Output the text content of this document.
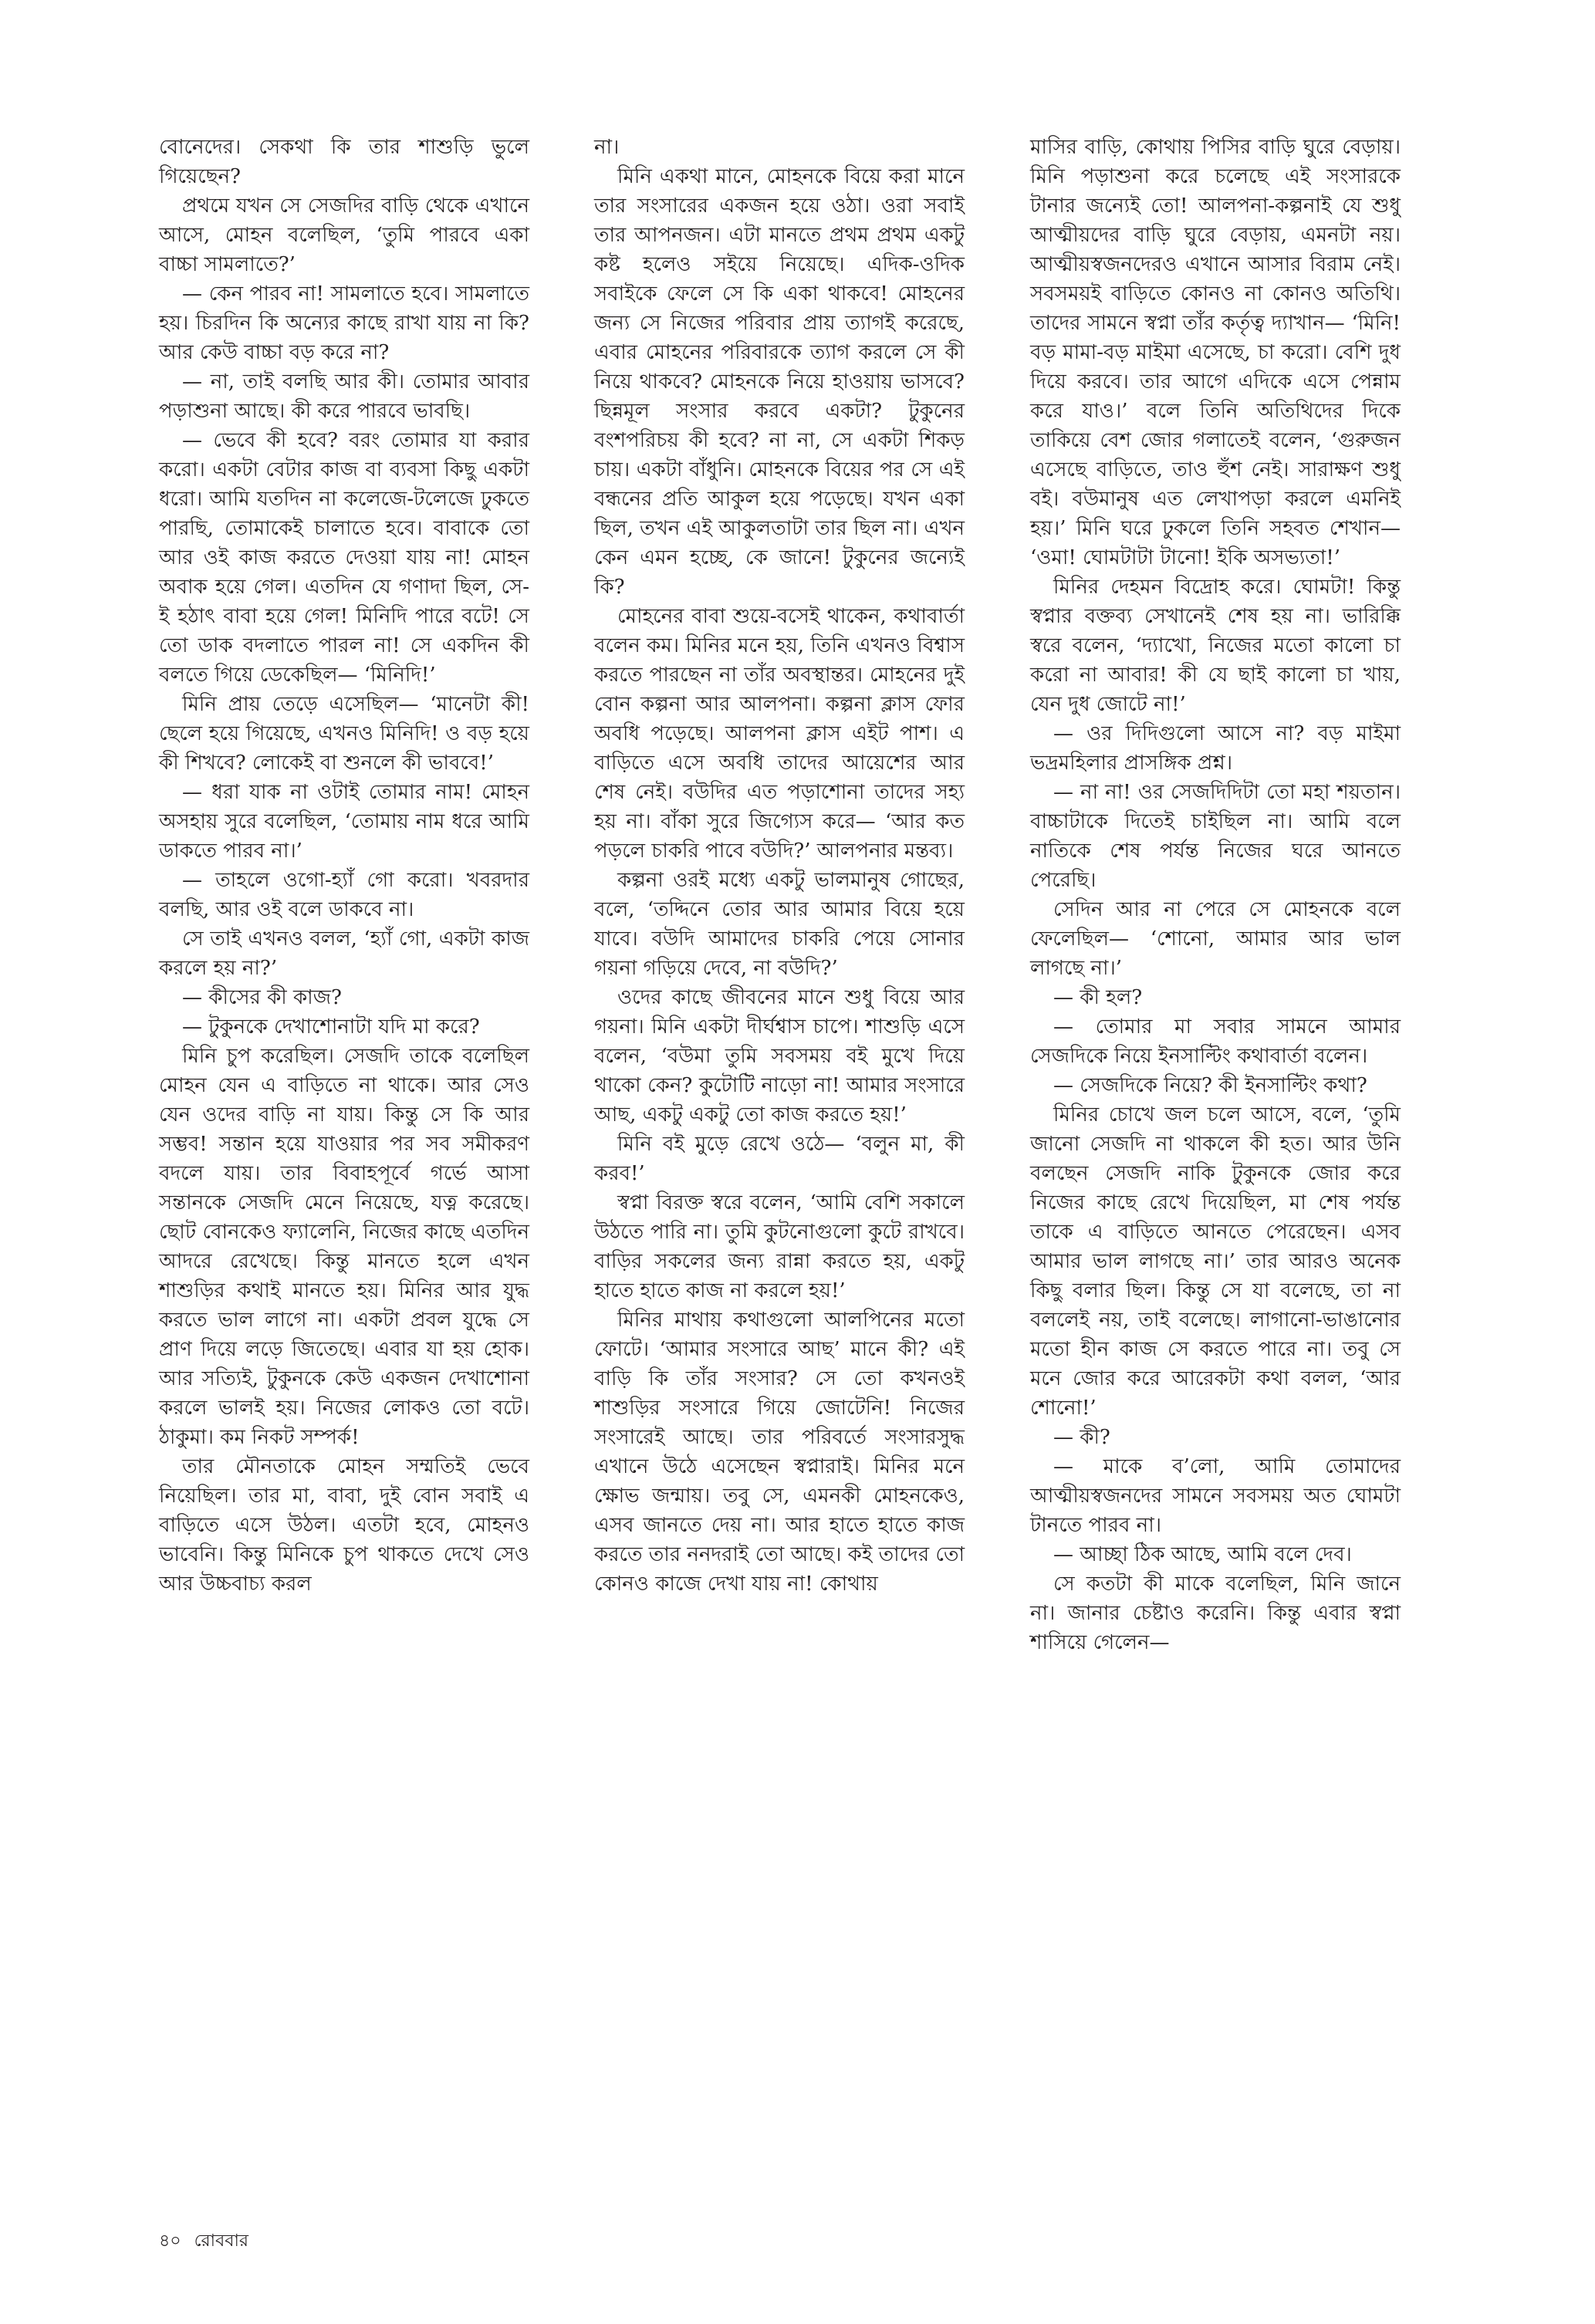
বোনেদের। সেকথা কি তার শাশুড়ি ভুলে গিয়েছেন?

প্রথমে যখন সে সেজদির বাড়ি থেকে এখানে আসে, মোহন বলেছিল, ‘তুমি পারবে একা বাচ্চা সামলাতে?’

— কেন পারব না! সামলাতে হবে। সামলাতে হয়। চিরদিন কি অন্যের কাছে রাখা যায় না কি? আর কেউ বাচ্চা বড় করে না?

— না, তাই বলছি আর কী। তোমার আবার পড়াশুনা আছে। কী করে পারবে ভাবছি।

— ভেবে কী হবে? বরং তোমার যা করার করো। একটা বেটার কাজ বা ব্যবসা কিছু একটা ধরো। আমি যতদিন না কলেজে-টলেজে ঢুকতে পারছি, তোমাকেই চালাতে হবে। বাবাকে তো আর ওই কাজ করতে দেওয়া যায় না! মোহন অবাক হয়ে গেল। এতদিন যে গণাদা ছিল, সে-ই হঠাৎ বাবা হয়ে গেল! মিনিদি পারে বটে! সে তো ডাক বদলাতে পারল না! সে একদিন কী বলতে গিয়ে ডেকেছিল— ‘মিনিদি!’

মিনি প্রায় তেড়ে এসেছিল— ‘মানেটা কী! ছেলে হয়ে গিয়েছে, এখনও মিনিদি! ও বড় হয়ে কী শিখবে? লোকেই বা শুনলে কী ভাববে!’

— ধরা যাক না ওটাই তোমার নাম! মোহন অসহায় সুরে বলেছিল, ‘তোমায় নাম ধরে আমি ডাকতে পারব না।’

— তাহলে ওগো-হ্যাঁ গো করো। খবরদার বলছি, আর ওই বলে ডাকবে না।

সে তাই এখনও বলল, ‘হ্যাঁ গো, একটা কাজ করলে হয় না?’

— কীসের কী কাজ?

— টুকুনকে দেখাশোনাটা যদি মা করে?

মিনি চুপ করেছিল। সেজদি তাকে বলেছিল মোহন যেন এ বাড়িতে না থাকে। আর সেও যেন ওদের বাড়ি না যায়। কিন্তু সে কি আর সম্ভব! সন্তান হয়ে যাওয়ার পর সব সমীকরণ বদলে যায়। তার বিবাহপূর্বে গর্ভে আসা সন্তানকে সেজদি মেনে নিয়েছে, যত্ন করেছে। ছোট বোনকেও ফ্যালেনি, নিজের কাছে এতদিন আদরে রেখেছে। কিন্তু মানতে হলে এখন শাশুড়ির কথাই মানতে হয়। মিনির আর যুদ্ধ করতে ভাল লাগে না। একটা প্রবল যুদ্ধে সে প্রাণ দিয়ে লড়ে জিতেছে। এবার যা হয় হোক। আর সত্যিই, টুকুনকে কেউ একজন দেখাশোনা করলে ভালই হয়। নিজের লোকও তো বটে। ঠাকুমা। কম নিকট সম্পর্ক!

তার মৌনতাকে মোহন সম্মতিই ভেবে নিয়েছিল। তার মা, বাবা, দুই বোন সবাই এ বাড়িতে এসে উঠল। এতটা হবে, মোহনও ভাবেনি। কিন্তু মিনিকে চুপ থাকতে দেখে সেও আর উচ্চবাচ্য করল

না।

মিনি একথা মানে, মোহনকে বিয়ে করা মানে তার সংসারের একজন হয়ে ওঠা। ওরা সবাই তার আপনজন। এটা মানতে প্রথম প্রথম একটু কষ্ট হলেও সইয়ে নিয়েছে। এদিক-ওদিক সবাইকে ফেলে সে কি একা থাকবে! মোহনের জন্য সে নিজের পরিবার প্রায় ত্যাগই করেছে, এবার মোহনের পরিবারকে ত্যাগ করলে সে কী নিয়ে থাকবে? মোহনকে নিয়ে হাওয়ায় ভাসবে? ছিন্নমূল সংসার করবে একটা? টুকুনের বংশপরিচয় কী হবে? না না, সে একটা শিকড় চায়। একটা বাঁধুনি। মোহনকে বিয়ের পর সে এই বন্ধনের প্রতি আকুল হয়ে পড়েছে। যখন একা ছিল, তখন এই আকুলতাটা তার ছিল না। এখন কেন এমন হচ্ছে, কে জানে! টুকুনের জন্যেই কি?

মোহনের বাবা শুয়ে-বসেই থাকেন, কথাবার্তা বলেন কম। মিনির মনে হয়, তিনি এখনও বিশ্বাস করতে পারছেন না তাঁর অবস্থান্তর। মোহনের দুই বোন কল্পনা আর আলপনা। কল্পনা ক্লাস ফোর অবধি পড়েছে। আলপনা ক্লাস এইট পাশ। এ বাড়িতে এসে অবধি তাদের আয়েশের আর শেষ নেই। বউদির এত পড়াশোনা তাদের সহ্য হয় না। বাঁকা সুরে জিগ্যেস করে— ‘আর কত পড়লে চাকরি পাবে বউদি?’ আলপনার মন্তব্য।

কল্পনা ওরই মধ্যে একটু ভালমানুষ গোছের, বলে, ‘তদ্দিনে তোর আর আমার বিয়ে হয়ে যাবে। বউদি আমাদের চাকরি পেয়ে সোনার গয়না গড়িয়ে দেবে, না বউদি?’

ওদের কাছে জীবনের মানে শুধু বিয়ে আর গয়না। মিনি একটা দীর্ঘশ্বাস চাপে। শাশুড়ি এসে বলেন, ‘বউমা তুমি সবসময় বই মুখে দিয়ে থাকো কেন? কুটোটি নাড়ো না! আমার সংসারে আছ, একটু একটু তো কাজ করতে হয়!’

মিনি বই মুড়ে রেখে ওঠে— ‘বলুন মা, কী করব!’

স্বপ্না বিরক্ত স্বরে বলেন, ‘আমি বেশি সকালে উঠতে পারি না। তুমি কুটনোগুলো কুটে রাখবে। বাড়ির সকলের জন্য রান্না করতে হয়, একটু হাতে হাতে কাজ না করলে হয়!’

মিনির মাথায় কথাগুলো আলপিনের মতো ফোটে। ‘আমার সংসারে আছ’ মানে কী? এই বাড়ি কি তাঁর সংসার? সে তো কখনওই শাশুড়ির সংসারে গিয়ে জোটেনি! নিজের সংসারেই আছে। তার পরিবর্তে সংসারসুদ্ধ এখানে উঠে এসেছেন স্বপ্নারাই। মিনির মনে ক্ষোভ জন্মায়। তবু সে, এমনকী মোহনকেও, এসব জানতে দেয় না। আর হাতে হাতে কাজ করতে তার ননদরাই তো আছে। কই তাদের তো কোনও কাজে দেখা যায় না! কোথায়

মাসির বাড়ি, কোথায় পিসির বাড়ি ঘুরে বেড়ায়। মিনি পড়াশুনা করে চলেছে এই সংসারকে টানার জন্যেই তো! আলপনা-কল্পনাই যে শুধু আত্মীয়দের বাড়ি ঘুরে বেড়ায়, এমনটা নয়। আত্মীয়স্বজনদেরও এখানে আসার বিরাম নেই। সবসময়ই বাড়িতে কোনও না কোনও অতিথি। তাদের সামনে স্বপ্না তাঁর কর্তৃত্ব দ্যাখান— ‘মিনি! বড় মামা-বড় মাইমা এসেছে, চা করো। বেশি দুধ দিয়ে করবে। তার আগে এদিকে এসে পেন্নাম করে যাও।’ বলে তিনি অতিথিদের দিকে তাকিয়ে বেশ জোর গলাতেই বলেন, ‘গুরুজন এসেছে বাড়িতে, তাও হুঁশ নেই। সারাক্ষণ শুধু বই। বউমানুষ এত লেখাপড়া করলে এমনিই হয়।’ মিনি ঘরে ঢুকলে তিনি সহবত শেখান— ‘ওমা! ঘোমটাটা টানো! ইকি অসভ্যতা!’

মিনির দেহমন বিদ্রোহ করে। ঘোমটা! কিন্তু স্বপ্নার বক্তব্য সেখানেই শেষ হয় না। ভারিক্কি স্বরে বলেন, ‘দ্যাখো, নিজের মতো কালো চা করো না আবার! কী যে ছাই কালো চা খায়, যেন দুধ জোটে না!’

— ওর দিদিগুলো আসে না? বড় মাইমা ভদ্রমহিলার প্রাসঙ্গিক প্রশ্ন।

— না না! ওর সেজদিদিটা তো মহা শয়তান। বাচ্চাটাকে দিতেই চাইছিল না। আমি বলে নাতিকে শেষ পর্যন্ত নিজের ঘরে আনতে পেরেছি।

সেদিন আর না পেরে সে মোহনকে বলে ফেলেছিল— ‘শোনো, আমার আর ভাল লাগছে না।’

— কী হল?

— তোমার মা সবার সামনে আমার সেজদিকে নিয়ে ইনসাল্টিং কথাবার্তা বলেন।

— সেজদিকে নিয়ে? কী ইনসাল্টিং কথা?

মিনির চোখে জল চলে আসে, বলে, ‘তুমি জানো সেজদি না থাকলে কী হত। আর উনি বলছেন সেজদি নাকি টুকুনকে জোর করে নিজের কাছে রেখে দিয়েছিল, মা শেষ পর্যন্ত তাকে এ বাড়িতে আনতে পেরেছেন। এসব আমার ভাল লাগছে না।’ তার আরও অনেক কিছু বলার ছিল। কিন্তু সে যা বলেছে, তা না বললেই নয়, তাই বলেছে। লাগানো-ভাঙানোর মতো হীন কাজ সে করতে পারে না। তবু সে মনে জোর করে আরেকটা কথা বলল, ‘আর শোনো!’

— কী?

— মাকে ব’লো, আমি তোমাদের আত্মীয়স্বজনদের সামনে সবসময় অত ঘোমটা টানতে পারব না।

— আচ্ছা ঠিক আছে, আমি বলে দেব।

সে কতটা কী মাকে বলেছিল, মিনি জানে না। জানার চেষ্টাও করেনি। কিন্তু এবার স্বপ্না শাসিয়ে গেলেন—

৪০ রোববার
